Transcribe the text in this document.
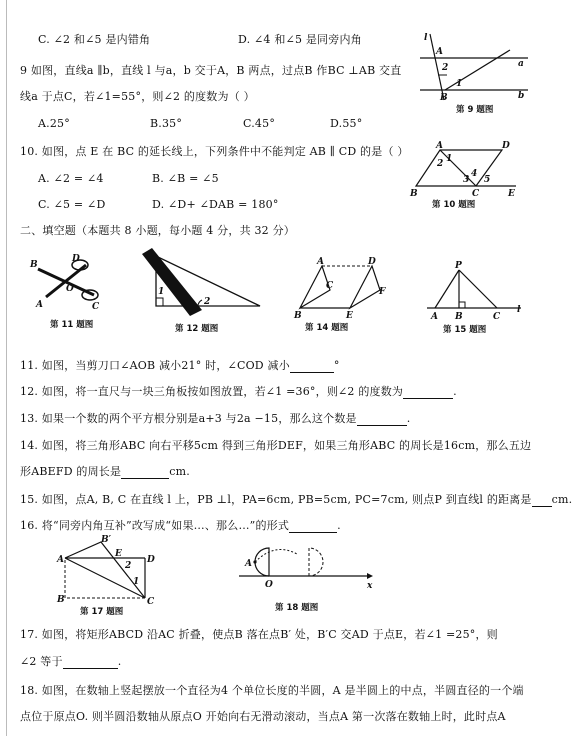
C. ∠2 和∠5 是内错角	D. ∠4 和∠5 是同旁内角
9 如图，直线a ∥b，直线 l 与a，b 交于A，B 两点，过点B 作BC ⊥AB 交直
线a 于点C，若∠1=55°，则∠2 的度数为（ ）
A.25°	B.35°	C.45°	D.55°
l
A
a
B	b
2
1
第 9 题图
10. 如图，点 E 在 BC 的延长线上，下列条件中不能判定 AB ∥ CD 的是（ ）
A. ∠2 = ∠4	B. ∠B = ∠5
C. ∠5 = ∠D	D. ∠D+ ∠DAB = 180°
A	D
1
2
3
4
5
B	C	E
第 10 题图
二、填空题（本题共 8 小题，每小题 4 分，共 32 分）
B
A
O
D
C
第 11 题图
1
2
第 12 题图
A	D
C
F
B	E
第 14 题图
P
A B	C
l
第 15 题图
11. 如图，当剪刀口∠AOB 减小21° 时，∠COD 减小	°
12. 如图，将一直尺与一块三角板按如图放置，若∠1 =36°，则∠2 的度数为	.
13. 如果一个数的两个平方根分别是a+3 与2a −15，那么这个数是	.
14. 如图，将三角形ABC 向右平移5cm 得到三角形DEF，如果三角形ABC 的周长是16cm，那么五边
形ABEFD 的周长是	cm.
15. 如图，点A, B, C 在直线 l 上，PB ⊥l，PA=6cm, PB=5cm, PC=7cm, 则点P 到直线l 的距离是 cm.
16. 将“同旁内角互补”改写成“如果…、那么…”的形式	.
B′
A
E
2
1
D
B	C
第 17 题图
A
O	x
第 18 题图
17. 如图，将矩形ABCD 沿AC 折叠，使点B 落在点B′ 处，B′C 交AD 于点E，若∠1 =25°，则
∠2 等于	.
18. 如图，在数轴上竖起摆放一个直径为4 个单位长度的半圆，A 是半圆上的中点，半圆直径的一个端
点位于原点O. 则半圆沿数轴从原点O 开始向右无滑动滚动，当点A 第一次落在数轴上时，此时点A
